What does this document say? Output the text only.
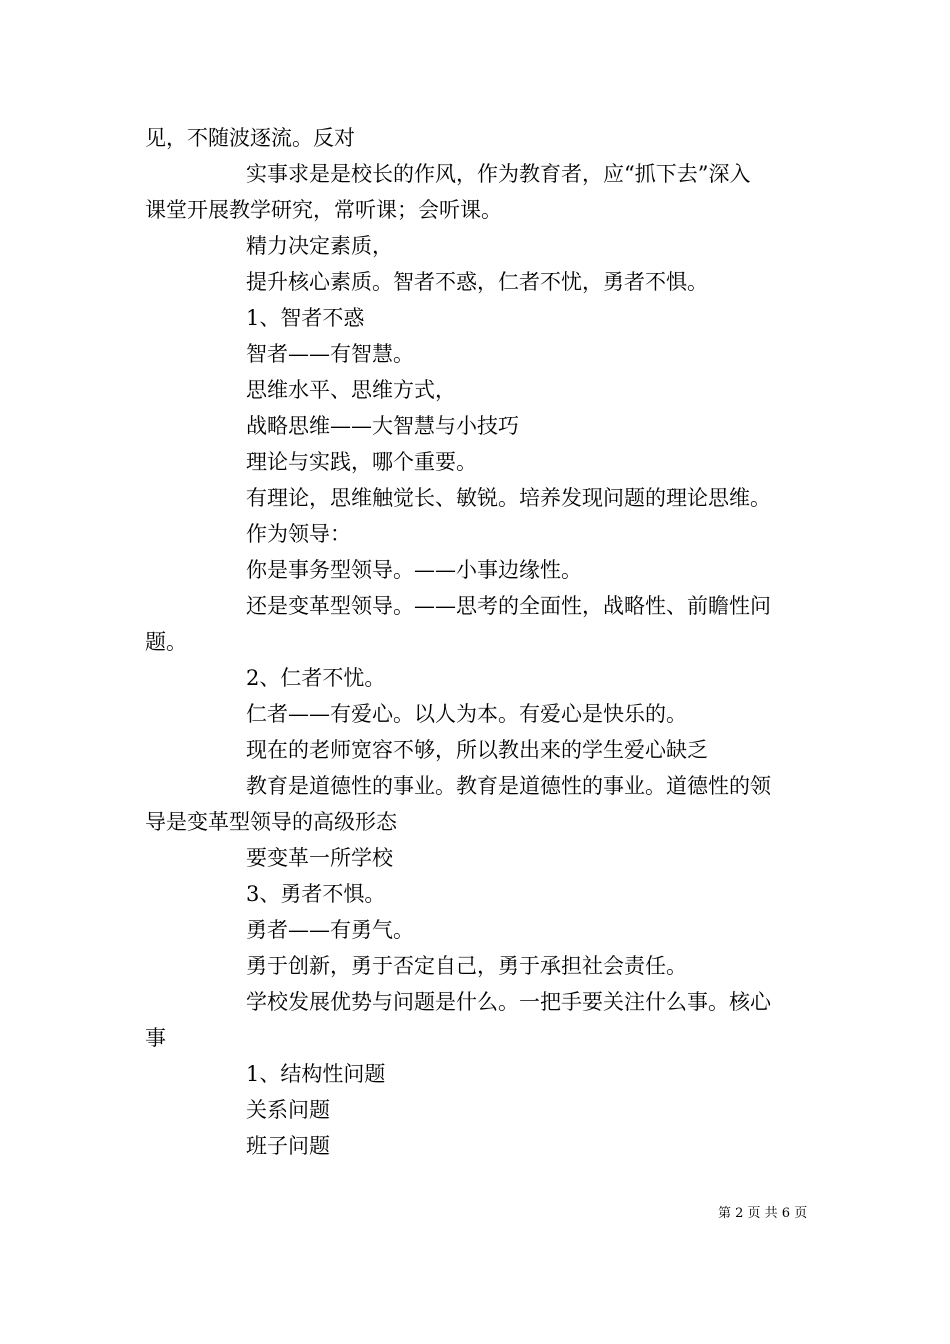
见，不随波逐流。反对
实事求是是校长的作风，作为教育者，应“抓下去”深入
课堂开展教学研究，常听课；会听课。
精力决定素质，
提升核心素质。智者不惑，仁者不忧，勇者不惧。
1、智者不惑
智者——有智慧。
思维水平、思维方式，
战略思维——大智慧与小技巧
理论与实践，哪个重要。
有理论，思维触觉长、敏锐。培养发现问题的理论思维。
作为领导：
你是事务型领导。——小事边缘性。
还是变革型领导。——思考的全面性，战略性、前瞻性问
题。
2、仁者不忧。
仁者——有爱心。以人为本。有爱心是快乐的。
现在的老师宽容不够，所以教出来的学生爱心缺乏
教育是道德性的事业。教育是道德性的事业。道德性的领
导是变革型领导的高级形态
要变革一所学校
3、勇者不惧。
勇者——有勇气。
勇于创新，勇于否定自己，勇于承担社会责任。
学校发展优势与问题是什么。一把手要关注什么事。核心
事
1、结构性问题
关系问题
班子问题
第 2 页 共 6 页
